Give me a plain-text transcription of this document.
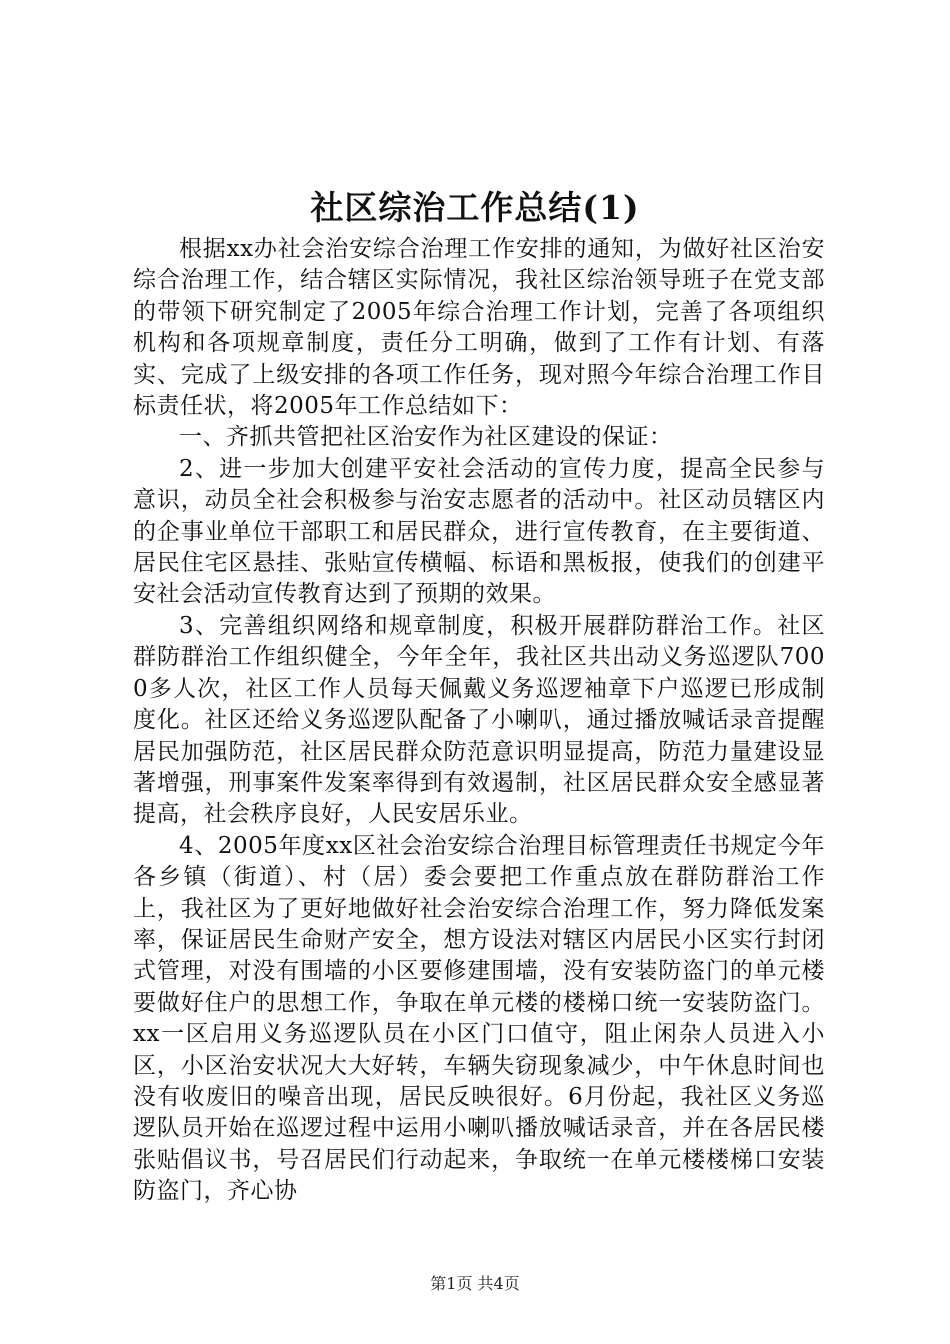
社区综治工作总结(1)

根据xx办社会治安综合治理工作安排的通知，为做好社区治安综合治理工作，结合辖区实际情况，我社区综治领导班子在党支部的带领下研究制定了2005年综合治理工作计划，完善了各项组织机构和各项规章制度，责任分工明确，做到了工作有计划、有落实、完成了上级安排的各项工作任务，现对照今年综合治理工作目标责任状，将2005年工作总结如下：

一、齐抓共管把社区治安作为社区建设的保证：

2、进一步加大创建平安社会活动的宣传力度，提高全民参与意识，动员全社会积极参与治安志愿者的活动中。社区动员辖区内的企事业单位干部职工和居民群众，进行宣传教育，在主要街道、居民住宅区悬挂、张贴宣传横幅、标语和黑板报，使我们的创建平安社会活动宣传教育达到了预期的效果。

3、完善组织网络和规章制度，积极开展群防群治工作。社区群防群治工作组织健全，今年全年，我社区共出动义务巡逻队7000多人次，社区工作人员每天佩戴义务巡逻袖章下户巡逻已形成制度化。社区还给义务巡逻队配备了小喇叭，通过播放喊话录音提醒居民加强防范，社区居民群众防范意识明显提高，防范力量建设显著增强，刑事案件发案率得到有效遏制，社区居民群众安全感显著提高，社会秩序良好，人民安居乐业。

4、2005年度xx区社会治安综合治理目标管理责任书规定今年各乡镇（街道）、村（居）委会要把工作重点放在群防群治工作上，我社区为了更好地做好社会治安综合治理工作，努力降低发案率，保证居民生命财产安全，想方设法对辖区内居民小区实行封闭式管理，对没有围墙的小区要修建围墙，没有安装防盗门的单元楼要做好住户的思想工作，争取在单元楼的楼梯口统一安装防盗门。xx一区启用义务巡逻队员在小区门口值守，阻止闲杂人员进入小区，小区治安状况大大好转，车辆失窃现象减少，中午休息时间也没有收废旧的噪音出现，居民反映很好。6月份起，我社区义务巡逻队员开始在巡逻过程中运用小喇叭播放喊话录音，并在各居民楼张贴倡议书，号召居民们行动起来，争取统一在单元楼楼梯口安装防盗门，齐心协

第1页 共4页
